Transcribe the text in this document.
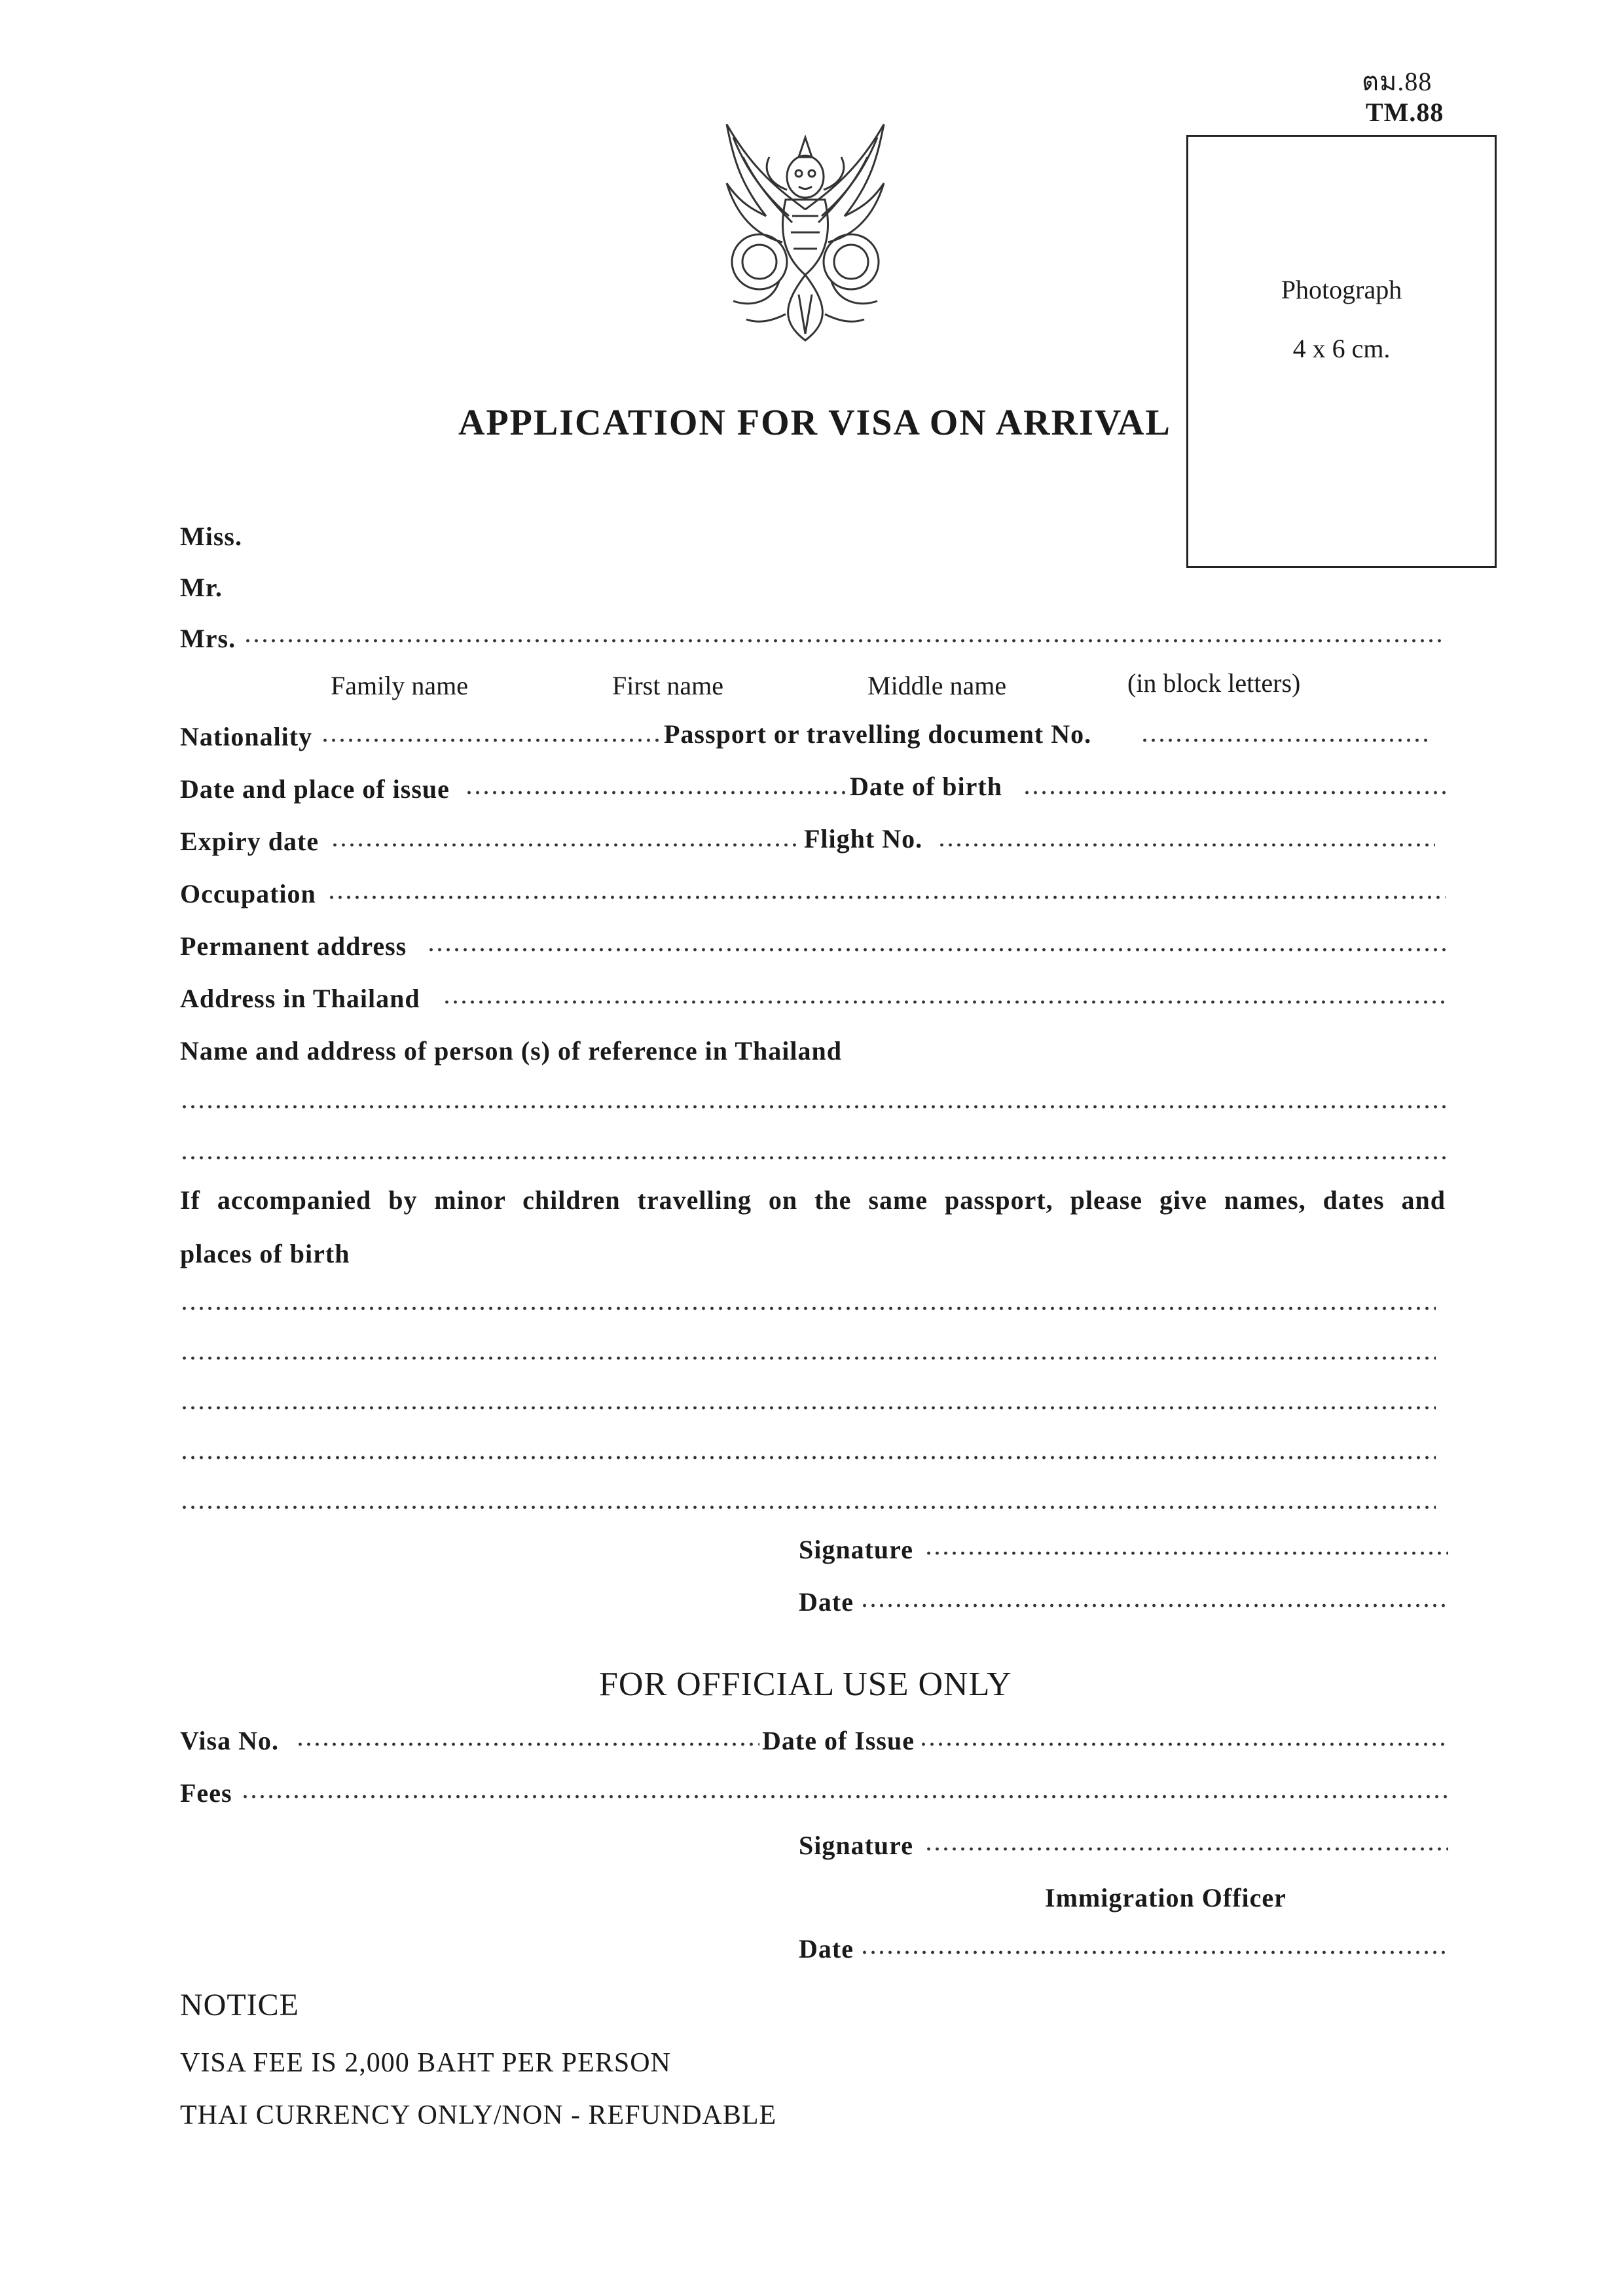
ตม.88
TM.88
Photograph
4 x 6 cm.
APPLICATION FOR VISA ON ARRIVAL
Miss.
Mr.
Mrs.
Family name	First name	Middle name	(in block letters)
Nationality	Passport or travelling document No.
Date and place of issue	Date of birth
Expiry date	Flight No.
Occupation
Permanent address
Address in Thailand
Name and address of person (s) of reference in Thailand
If accompanied by minor children travelling on the same passport, please give names, dates and
places of birth
Signature
Date
FOR OFFICIAL USE ONLY
Visa No.	Date of Issue
Fees
Signature
Immigration Officer
Date
NOTICE
VISA FEE IS 2,000 BAHT PER PERSON
THAI CURRENCY ONLY/NON - REFUNDABLE
